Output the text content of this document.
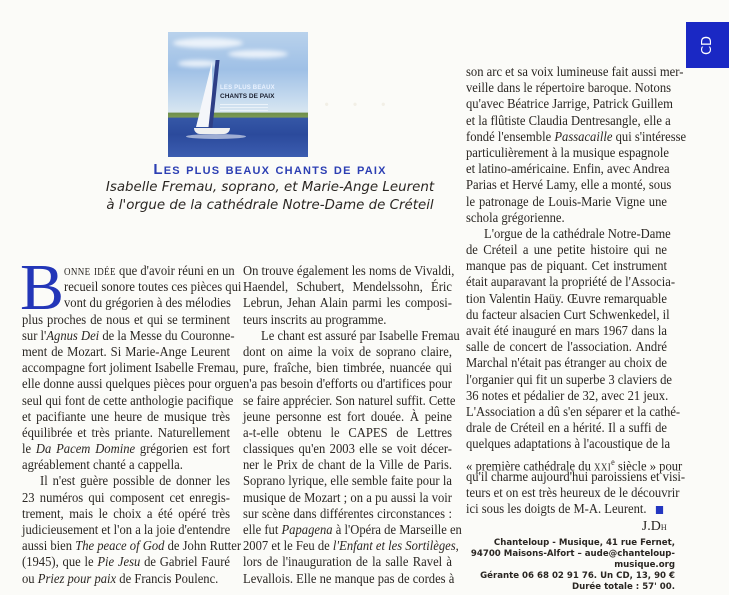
CD
· · ·
LES PLUS BEAUX
CHANTS DE PAIX
Les plus beaux chants de paix
Isabelle Fremau, soprano, et Marie-Ange Leurent
à l'orgue de la cathédrale Notre-Dame de Créteil
B onne idée que d'avoir réuni en un
recueil sonore toutes ces pièces qui
vont du grégorien à des mélodies
plus proches de nous et qui se terminent
sur l'Agnus Dei de la Messe du Couronne-
ment de Mozart. Si Marie-Ange Leurent
accompagne fort joliment Isabelle Fremau,
elle donne aussi quelques pièces pour orgue
seul qui font de cette anthologie pacifique
et pacifiante une heure de musique très
équilibrée et très priante. Naturellement
le Da Pacem Domine grégorien est fort
agréablement chanté a cappella.
Il n'est guère possible de donner les
23 numéros qui composent cet enregis-
trement, mais le choix a été opéré très
judicieusement et l'on a la joie d'entendre
aussi bien The peace of God de John Rutter
(1945), que le Pie Jesu de Gabriel Fauré
ou Priez pour paix de Francis Poulenc.
On trouve également les noms de Vivaldi,
Haendel, Schubert, Mendelssohn, Éric
Lebrun, Jehan Alain parmi les composi-
teurs inscrits au programme.
Le chant est assuré par Isabelle Fremau
dont on aime la voix de soprano claire,
pure, fraîche, bien timbrée, nuancée qui
n'a pas besoin d'efforts ou d'artifices pour
se faire apprécier. Son naturel suffit. Cette
jeune personne est fort douée. À peine
a-t-elle obtenu le CAPES de Lettres
classiques qu'en 2003 elle se voit décer-
ner le Prix de chant de la Ville de Paris.
Soprano lyrique, elle semble faite pour la
musique de Mozart ; on a pu aussi la voir
sur scène dans différentes circonstances :
elle fut Papagena à l'Opéra de Marseille en
2007 et le Feu de l'Enfant et les Sortilèges,
lors de l'inauguration de la salle Ravel à
Levallois. Elle ne manque pas de cordes à
son arc et sa voix lumineuse fait aussi mer-
veille dans le répertoire baroque. Notons
qu'avec Béatrice Jarrige, Patrick Guillem
et la flûtiste Claudia Dentresangle, elle a
fondé l'ensemble Passacaille qui s'intéresse
particulièrement à la musique espagnole
et latino-américaine. Enfin, avec Andrea
Parias et Hervé Lamy, elle a monté, sous
le patronage de Louis-Marie Vigne une
schola grégorienne.
L'orgue de la cathédrale Notre-Dame
de Créteil a une petite histoire qui ne
manque pas de piquant. Cet instrument
était auparavant la propriété de l'Associa-
tion Valentin Haüy. Œuvre remarquable
du facteur alsacien Curt Schwenkedel, il
avait été inauguré en mars 1967 dans la
salle de concert de l'association. André
Marchal n'était pas étranger au choix de
l'organier qui fit un superbe 3 claviers de
36 notes et pédalier de 32, avec 21 jeux.
L'Association a dû s'en séparer et la cathé-
drale de Créteil en a hérité. Il a suffi de
quelques adaptations à l'acoustique de la
« première cathédrale du xxi$^e$ siècle » pour
qu'il charme aujourd'hui paroissiens et visi-
teurs et on est très heureux de le découvrir
ici sous les doigts de M-A. Leurent.
J.Dh
Chanteloup - Musique, 41 rue Fernet,
94700 Maisons-Alfort – aude@chanteloup-musique.org
Gérante 06 68 02 91 76. Un CD, 13, 90 €
Durée totale : 57' 00.
